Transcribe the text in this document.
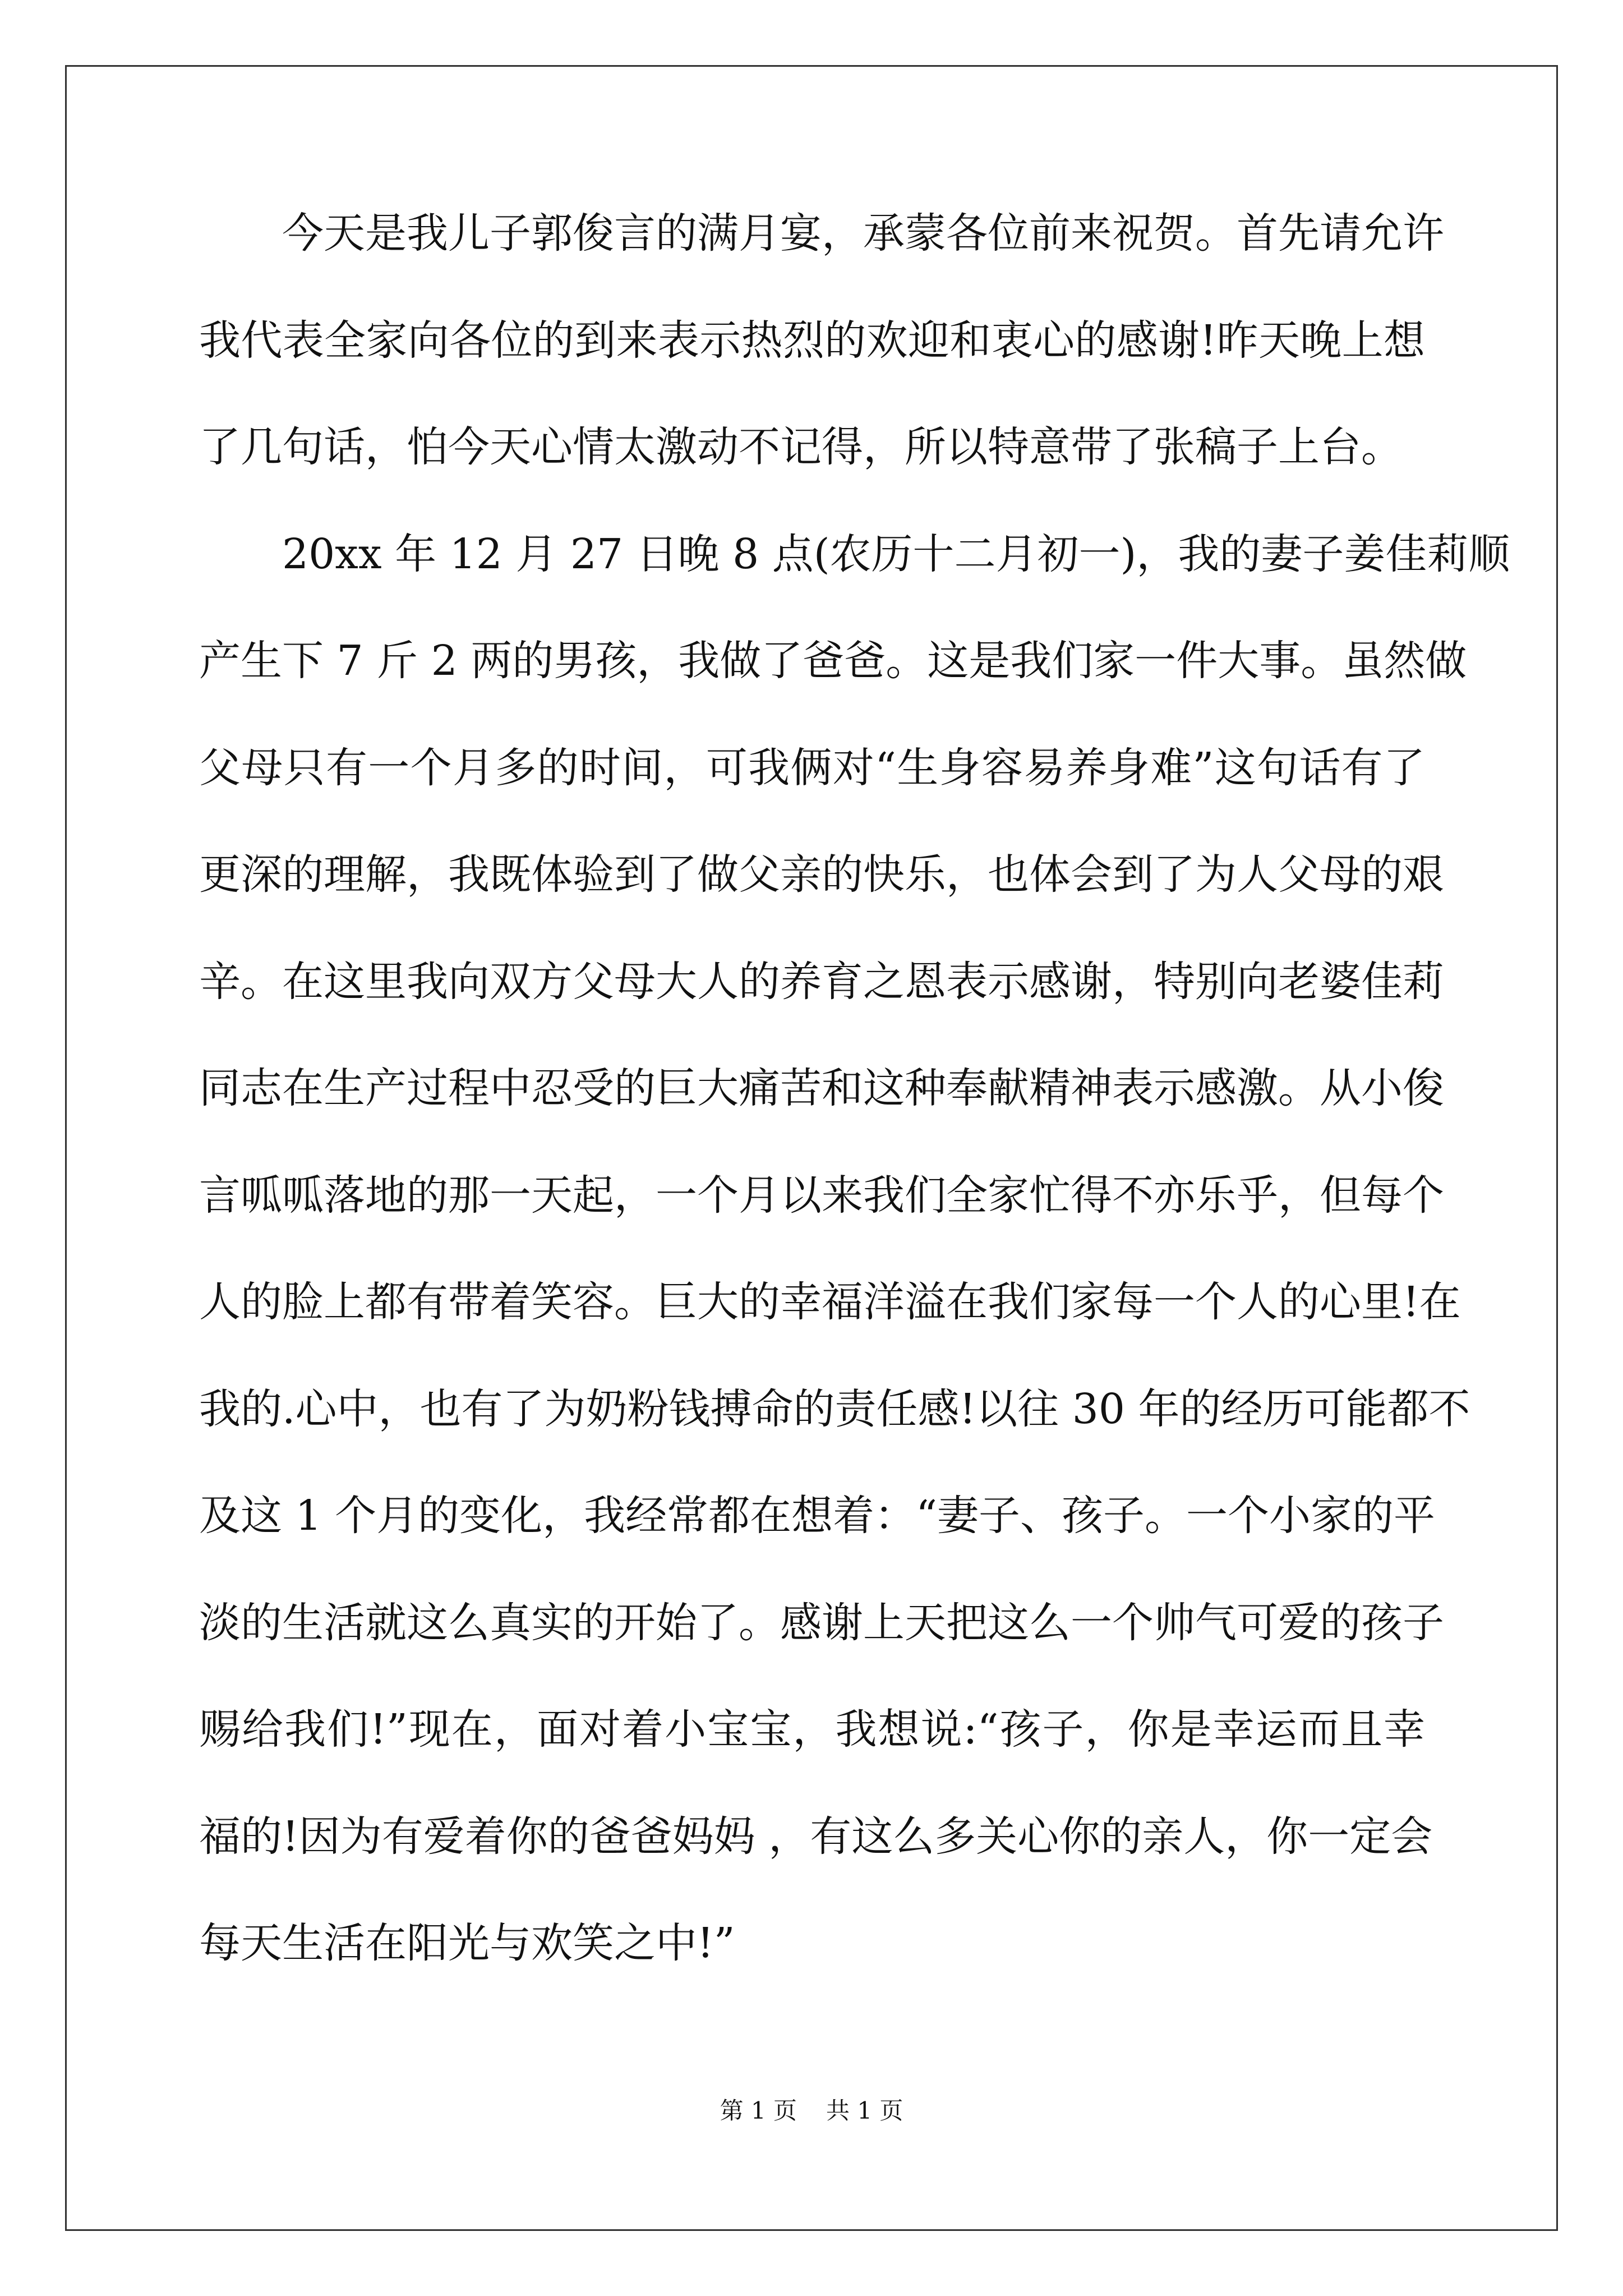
　　今天是我儿子郭俊言的满月宴，承蒙各位前来祝贺。首先请允许
我代表全家向各位的到来表示热烈的欢迎和衷心的感谢!昨天晚上想
了几句话，怕今天心情太激动不记得，所以特意带了张稿子上台。
　　20xx 年 12 月 27 日晚 8 点(农历十二月初一)，我的妻子姜佳莉顺
产生下 7 斤 2 两的男孩，我做了爸爸。这是我们家一件大事。虽然做
父母只有一个月多的时间，可我俩对“生身容易养身难”这句话有了
更深的理解，我既体验到了做父亲的快乐，也体会到了为人父母的艰
辛。在这里我向双方父母大人的养育之恩表示感谢，特别向老婆佳莉
同志在生产过程中忍受的巨大痛苦和这种奉献精神表示感激。从小俊
言呱呱落地的那一天起，一个月以来我们全家忙得不亦乐乎，但每个
人的脸上都有带着笑容。巨大的幸福洋溢在我们家每一个人的心里!在
我的.心中，也有了为奶粉钱搏命的责任感!以往 30 年的经历可能都不
及这 1 个月的变化，我经常都在想着：“妻子、孩子。一个小家的平
淡的生活就这么真实的开始了。感谢上天把这么一个帅气可爱的孩子
赐给我们!”现在，面对着小宝宝，我想说:“孩子，你是幸运而且幸
福的!因为有爱着你的爸爸妈妈 ，有这么多关心你的亲人，你一定会
每天生活在阳光与欢笑之中!”
第 1 页 共 1 页
